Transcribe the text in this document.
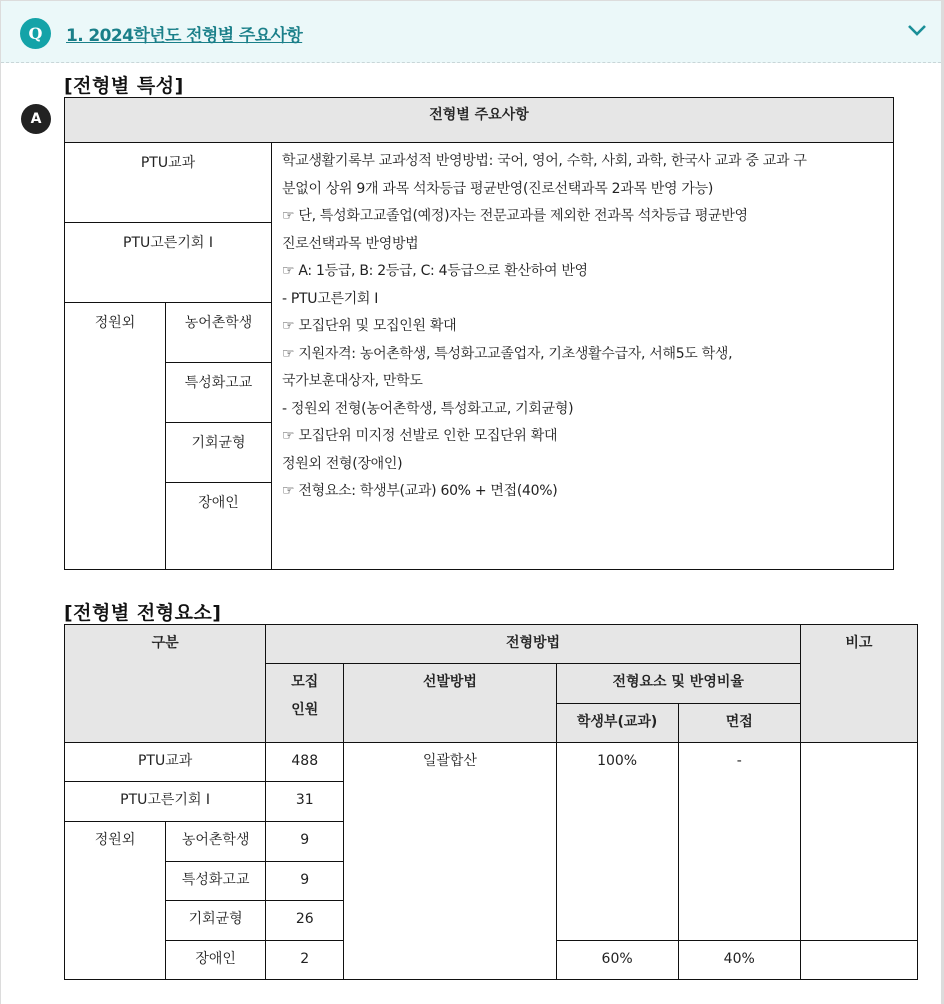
Q	1. 2024학년도 전형별 주요사항
A
[전형별 특성]
전형별 주요사항		
PTU교과	학교생활기록부 교과성적 반영방법: 국어, 영어, 수학, 사회, 과학, 한국사 교과 중 교과 구
분없이 상위 9개 과목 석차등급 평균반영(진로선택과목 2과목 반영 가능)
☞ 단, 특성화고교졸업(예정)자는 전문교과를 제외한 전과목 석차등급 평균반영
진로선택과목 반영방법
☞ A: 1등급, B: 2등급, C: 4등급으로 환산하여 반영
- PTU고른기회 I
☞ 모집단위 및 모집인원 확대
☞ 지원자격: 농어촌학생, 특성화고교졸업자, 기초생활수급자, 서해5도 학생,
국가보훈대상자, 만학도
- 정원외 전형(농어촌학생, 특성화고교, 기회균형)
☞ 모집단위 미지정 선발로 인한 모집단위 확대
정원외 전형(장애인)
☞ 전형요소: 학생부(교과) 60% + 면접(40%)

PTU고른기회 I		
정원외	농어촌학생	
	특성화고교	
	기회균형	
	장애인	
[전형별 전형요소]
구분		전형방법				비고

		모집
인원	선발방법	전형요소 및 반영비율		
				학생부(교과)	면접	
PTU교과		488	일괄합산	100%	-	
PTU고른기회 I		31				
정원외	농어촌학생	9				
	특성화고교	9				
	기회균형	26				
	장애인	2		60%	40%	
